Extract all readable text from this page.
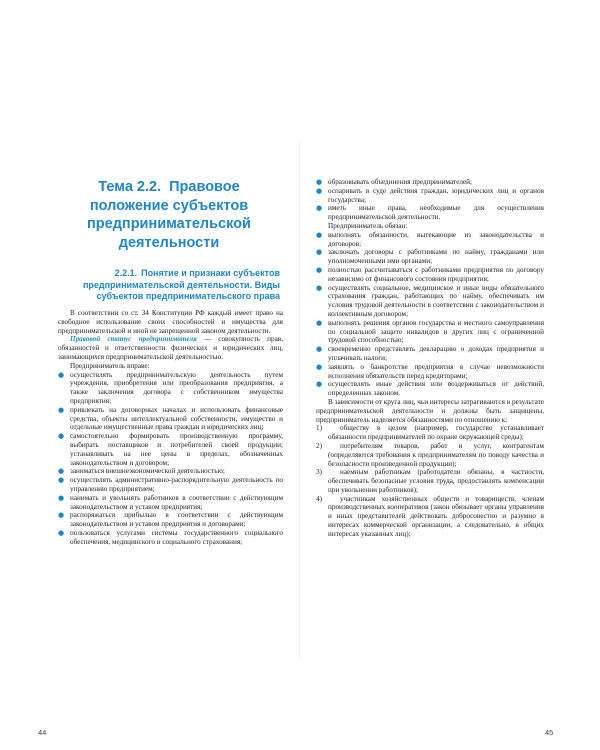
Тема 2.2. Правовое положение субъектов предпринимательской деятельности
2.2.1. Понятие и признаки субъектов предпринимательской деятельности. Виды субъектов предпринимательского права

В соответствии со ст. 34 Конституции РФ каждый имеет право на свободное использование своих способностей и имущества для предпринимательской и иной не запрещенной законом деятельности.

Правовой статус предпринимателя — совокупность прав, обязанностей и ответственности физических и юридических лиц, занимающихся предпринимательской деятельностью.

Предприниматель вправе:

● осуществлять предпринимательскую деятельность путем учреждения, приобретения или преобразования предприятия, а также заключения договора с собственником имущества предприятия;
● привлекать на договорных началах и использовать финансовые средства, объекты интеллектуальной собственности, имущество и отдельные имущественные права граждан и юридических лиц;
● самостоятельно формировать производственную программу, выбирать поставщиков и потребителей своей продукции; устанавливать на нее цены в пределах, обозначенных законодательством и договором;
● заниматься внешнеэкономической деятельностью;
● осуществлять административно-распорядительную деятельность по управлению предприятием;
● нанимать и увольнять работников в соответствии с действующим законодательством и уставом предприятия;
● распоряжаться прибылью в соответствии с действующим законодательством и уставом предприятия и договорами;
● пользоваться услугами системы государственного социального обеспечения, медицинского и социального страхования;
44
● образовывать объединения предпринимателей;
● оспаривать в суде действия граждан, юридических лиц и органов государства;
● иметь иные права, необходимые для осуществления предпринимательской деятельности.

Предприниматель обязан:

● выполнять обязанности, вытекающие из законодательства и договоров;
● заключать договоры с работниками по найму, гражданами или уполномоченными ими органами;
● полностью рассчитываться с работниками предприятия по договору независимо от финансового состояния предприятия;
● осуществлять социальное, медицинское и иные виды обязательного страхования граждан, работающих по найму, обеспечивать им условия трудовой деятельности в соответствии с законодательством и коллективным договором;
● выполнять решения органов государства и местного самоуправления по социальной защите инвалидов и других лиц с ограниченной трудовой способностью;
● своевременно представлять декларацию о доходах предприятия и уплачивать налоги;
● заявлять о банкротстве предприятия в случае невозможности исполнения обязательств перед кредиторами;
● осуществлять иные действия или воздерживаться от действий, определенных законом.

В зависимости от круга лиц, чьи интересы затрагиваются в результате предпринимательской деятельности и должны быть защищены, предприниматель наделяется обязанностями по отношению к:

1)	обществу в целом (например, государство устанавливает обязанности предпринимателей по охране окружающей среды);
2)	потребителям товаров, работ и услуг, контрагентам (определяются требования к предпринимателям по поводу качества и безопасности произведенной продукции);
3)	наемным работникам (работодатели обязаны, в частности, обеспечивать безопасные условия труда, предоставлять компенсации при увольнении работников);
4)	участникам хозяйственных обществ и товариществ, членам производственных кооперативов (закон обязывает органы управления и иных представителей действовать добросовестно и разумно в интересах коммерческой организации, а следовательно, в общих интересах указанных лиц);
45
